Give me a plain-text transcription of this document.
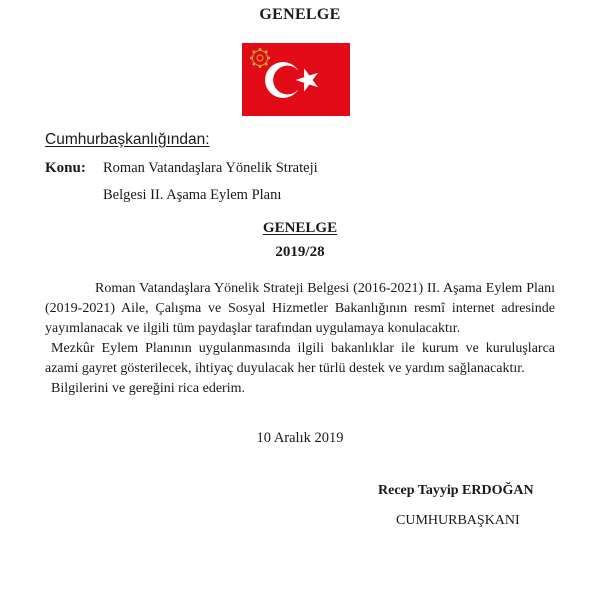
GENELGE
Cumhurbaşkanlığından:
Konu: Roman Vatandaşlara Yönelik Strateji
Belgesi II. Aşama Eylem Planı
GENELGE
2019/28
Roman Vatandaşlara Yönelik Strateji Belgesi (2016-2021) II. Aşama Eylem Planı
(2019-2021) Aile, Çalışma ve Sosyal Hizmetler Bakanlığının resmî internet adresinde
yayımlanacak ve ilgili tüm paydaşlar tarafından uygulamaya konulacaktır.
Mezkûr Eylem Planının uygulanmasında ilgili bakanlıklar ile kurum ve kuruluşlarca
azami gayret gösterilecek, ihtiyaç duyulacak her türlü destek ve yardım sağlanacaktır.
Bilgilerini ve gereğini rica ederim.
10 Aralık 2019
Recep Tayyip ERDOĞAN
CUMHURBAŞKANI
